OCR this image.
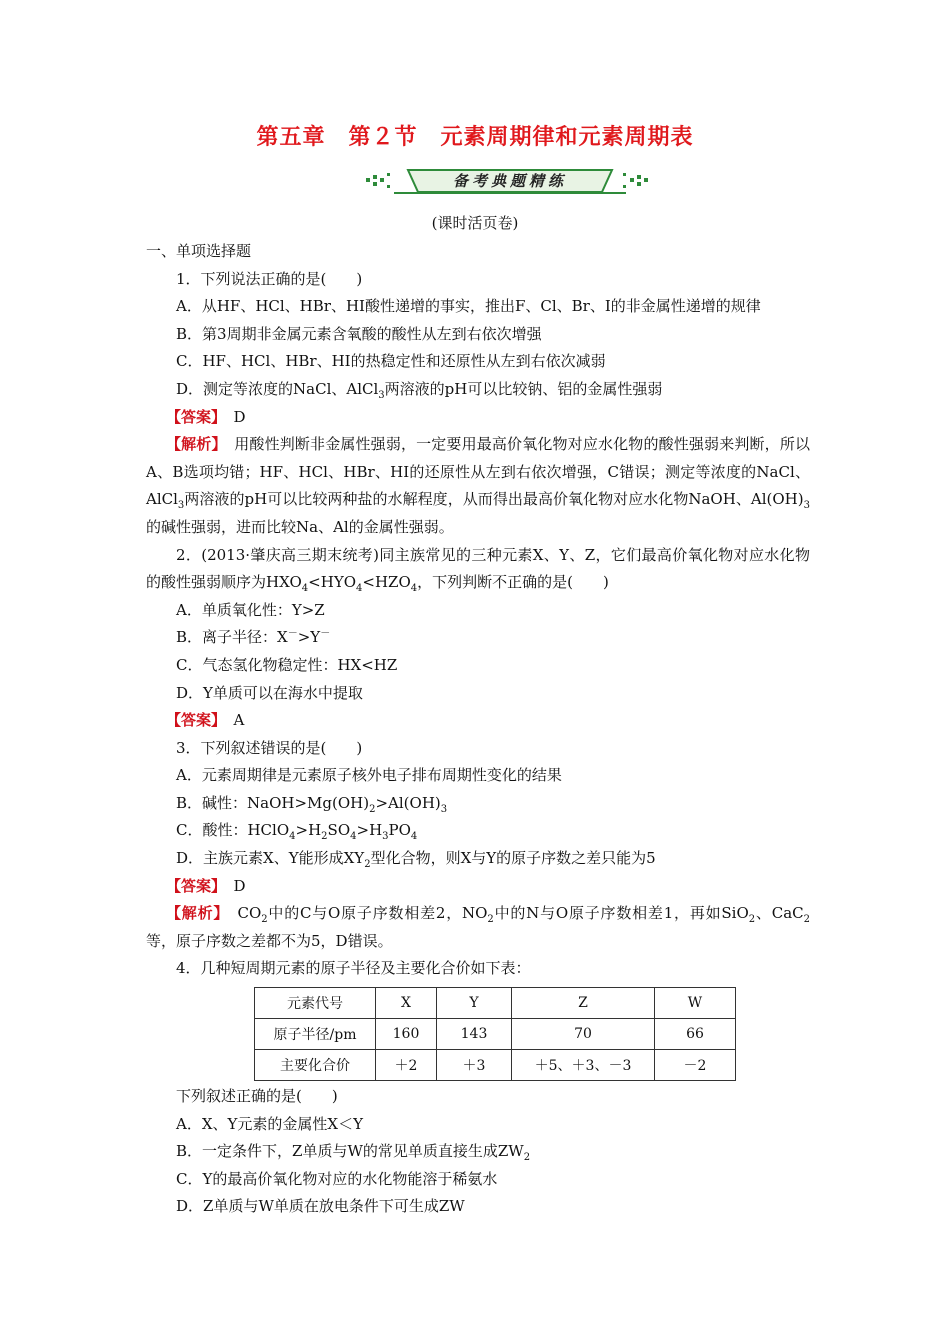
第五章　第２节　元素周期律和元素周期表
备考典题精练
(课时活页卷)
一、单项选择题
1．下列说法正确的是(　　)
A．从HF、HCl、HBr、HI酸性递增的事实，推出F、Cl、Br、I的非金属性递增的规律
B．第3周期非金属元素含氧酸的酸性从左到右依次增强
C．HF、HCl、HBr、HI的热稳定性和还原性从左到右依次减弱
D．测定等浓度的NaCl、AlCl$_3$两溶液的pH可以比较钠、铝的金属性强弱
【答案】　D
【解析】　用酸性判断非金属性强弱，一定要用最高价氧化物对应水化物的酸性强弱来判断，所以A、B选项均错；HF、HCl、HBr、HI的还原性从左到右依次增强，C错误；测定等浓度的NaCl、AlCl$_3$两溶液的pH可以比较两种盐的水解程度，从而得出最高价氧化物对应水化物NaOH、$Al(OH)_3$的碱性强弱，进而比较Na、Al的金属性强弱。
2．(2013·肇庆高三期末统考)同主族常见的三种元素X、Y、Z，它们最高价氧化物对应水化物的酸性强弱顺序为$HXO_4<HYO_4<HZO_4$，下列判断不正确的是(　　)
A．单质氧化性：Y>Z
B．离子半径：X－>Y－
C．气态氢化物稳定性：HX<HZ
D．Y单质可以在海水中提取
【答案】　A
3．下列叙述错误的是(　　)
A．元素周期律是元素原子核外电子排布周期性变化的结果
B．碱性：$NaOH>Mg(OH)_2>Al(OH)_3$
C．酸性：$HClO_4>H_2SO_4>H_3PO_4$
D．主族元素X、Y能形成$XY_2$型化合物，则X与Y的原子序数之差只能为5
【答案】　D
【解析】　$CO_2$中的C与O原子序数相差2，$NO_2$中的N与O原子序数相差1，再如SiO$_2$、CaC$_2$等，原子序数之差都不为5，D错误。
4．几种短周期元素的原子半径及主要化合价如下表：
元素代号	X	Y	Z	W
原子半径/pm	160	143	70	66
主要化合价	＋2	＋3	＋5、＋3、－3	－2
下列叙述正确的是(　　)
A．X、Y元素的金属性X＜Y
B．一定条件下，Z单质与W的常见单质直接生成$ZW_2$
C．Y的最高价氧化物对应的水化物能溶于稀氨水
D．Z单质与W单质在放电条件下可生成ZW
